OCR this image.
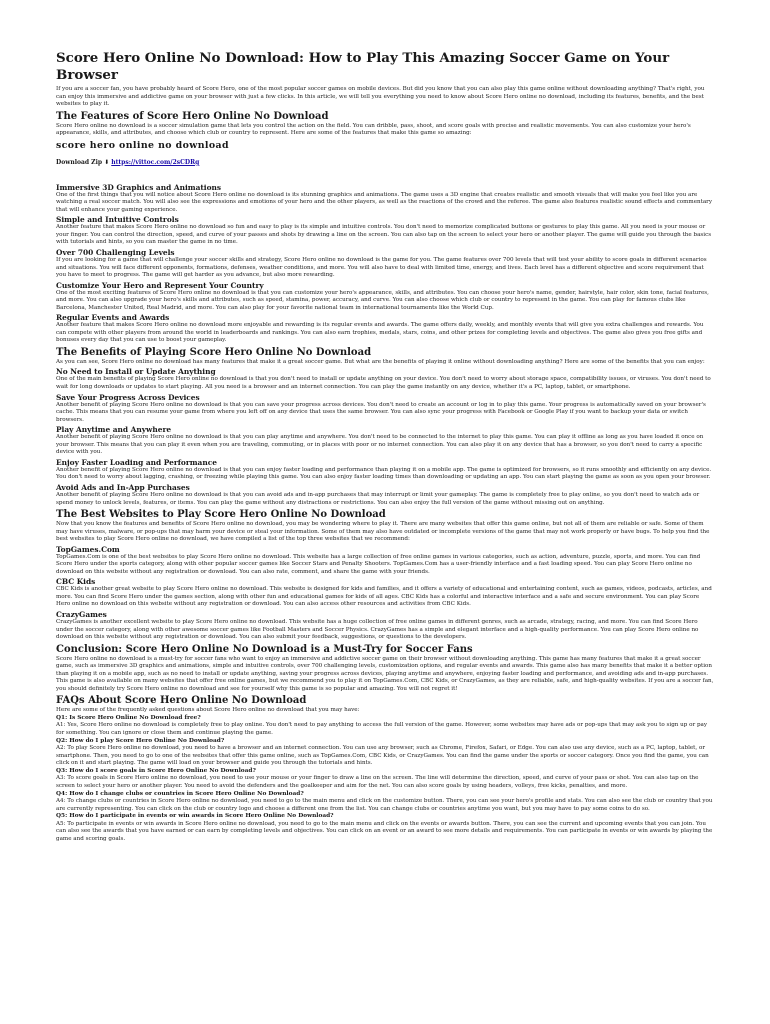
Score Hero Online No Download: How to Play This Amazing Soccer Game on Your Browser

If you are a soccer fan, you have probably heard of Score Hero, one of the most popular soccer games on mobile devices. But did you know that you can also play this game online without downloading anything? That's right, you can enjoy this immersive and addictive game on your browser with just a few clicks. In this article, we will tell you everything you need to know about Score Hero online no download, including its features, benefits, and the best websites to play it.

The Features of Score Hero Online No Download

Score Hero online no download is a soccer simulation game that lets you control the action on the field. You can dribble, pass, shoot, and score goals with precise and realistic movements. You can also customize your hero's appearance, skills, and attributes, and choose which club or country to represent. Here are some of the features that make this game so amazing:

score hero online no download
Download Zip ⬇ https://vittoc.com/2sCDRg
Immersive 3D Graphics and Animations

One of the first things that you will notice about Score Hero online no download is its stunning graphics and animations. The game uses a 3D engine that creates realistic and smooth visuals that will make you feel like you are watching a real soccer match. You will also see the expressions and emotions of your hero and the other players, as well as the reactions of the crowd and the referee. The game also features realistic sound effects and commentary that will enhance your gaming experience.

Simple and Intuitive Controls

Another feature that makes Score Hero online no download so fun and easy to play is its simple and intuitive controls. You don't need to memorize complicated buttons or gestures to play this game. All you need is your mouse or your finger. You can control the direction, speed, and curve of your passes and shots by drawing a line on the screen. You can also tap on the screen to select your hero or another player. The game will guide you through the basics with tutorials and hints, so you can master the game in no time.

Over 700 Challenging Levels

If you are looking for a game that will challenge your soccer skills and strategy, Score Hero online no download is the game for you. The game features over 700 levels that will test your ability to score goals in different scenarios and situations. You will face different opponents, formations, defenses, weather conditions, and more. You will also have to deal with limited time, energy, and lives. Each level has a different objective and score requirement that you have to meet to progress. The game will get harder as you advance, but also more rewarding.

Customize Your Hero and Represent Your Country

One of the most exciting features of Score Hero online no download is that you can customize your hero's appearance, skills, and attributes. You can choose your hero's name, gender, hairstyle, hair color, skin tone, facial features, and more. You can also upgrade your hero's skills and attributes, such as speed, stamina, power, accuracy, and curve. You can also choose which club or country to represent in the game. You can play for famous clubs like Barcelona, Manchester United, Real Madrid, and more. You can also play for your favorite national team in international tournaments like the World Cup.

Regular Events and Awards

Another feature that makes Score Hero online no download more enjoyable and rewarding is its regular events and awards. The game offers daily, weekly, and monthly events that will give you extra challenges and rewards. You can compete with other players from around the world in leaderboards and rankings. You can also earn trophies, medals, stars, coins, and other prizes for completing levels and objectives. The game also gives you free gifts and bonuses every day that you can use to boost your gameplay.

The Benefits of Playing Score Hero Online No Download

As you can see, Score Hero online no download has many features that make it a great soccer game. But what are the benefits of playing it online without downloading anything? Here are some of the benefits that you can enjoy:

No Need to Install or Update Anything

One of the main benefits of playing Score Hero online no download is that you don't need to install or update anything on your device. You don't need to worry about storage space, compatibility issues, or viruses. You don't need to wait for long downloads or updates to start playing. All you need is a browser and an internet connection. You can play the game instantly on any device, whether it's a PC, laptop, tablet, or smartphone.

Save Your Progress Across Devices

Another benefit of playing Score Hero online no download is that you can save your progress across devices. You don't need to create an account or log in to play this game. Your progress is automatically saved on your browser's cache. This means that you can resume your game from where you left off on any device that uses the same browser. You can also sync your progress with Facebook or Google Play if you want to backup your data or switch browsers.

Play Anytime and Anywhere

Another benefit of playing Score Hero online no download is that you can play anytime and anywhere. You don't need to be connected to the internet to play this game. You can play it offline as long as you have loaded it once on your browser. This means that you can play it even when you are traveling, commuting, or in places with poor or no internet connection. You can also play it on any device that has a browser, so you don't need to carry a specific device with you.

Enjoy Faster Loading and Performance

Another benefit of playing Score Hero online no download is that you can enjoy faster loading and performance than playing it on a mobile app. The game is optimized for browsers, so it runs smoothly and efficiently on any device. You don't need to worry about lagging, crashing, or freezing while playing this game. You can also enjoy faster loading times than downloading or updating an app. You can start playing the game as soon as you open your browser.

Avoid Ads and In-App Purchases

Another benefit of playing Score Hero online no download is that you can avoid ads and in-app purchases that may interrupt or limit your gameplay. The game is completely free to play online, so you don't need to watch ads or spend money to unlock levels, features, or items. You can play the game without any distractions or restrictions. You can also enjoy the full version of the game without missing out on anything.

The Best Websites to Play Score Hero Online No Download

Now that you know the features and benefits of Score Hero online no download, you may be wondering where to play it. There are many websites that offer this game online, but not all of them are reliable or safe. Some of them may have viruses, malware, or pop-ups that may harm your device or steal your information. Some of them may also have outdated or incomplete versions of the game that may not work properly or have bugs. To help you find the best websites to play Score Hero online no download, we have compiled a list of the top three websites that we recommend:

TopGames.Com

TopGames.Com is one of the best websites to play Score Hero online no download. This website has a large collection of free online games in various categories, such as action, adventure, puzzle, sports, and more. You can find Score Hero under the sports category, along with other popular soccer games like Soccer Stars and Penalty Shooters. TopGames.Com has a user-friendly interface and a fast loading speed. You can play Score Hero online no download on this website without any registration or download. You can also rate, comment, and share the game with your friends.

CBC Kids

CBC Kids is another great website to play Score Hero online no download. This website is designed for kids and families, and it offers a variety of educational and entertaining content, such as games, videos, podcasts, articles, and more. You can find Score Hero under the games section, along with other fun and educational games for kids of all ages. CBC Kids has a colorful and interactive interface and a safe and secure environment. You can play Score Hero online no download on this website without any registration or download. You can also access other resources and activities from CBC Kids.

CrazyGames

CrazyGames is another excellent website to play Score Hero online no download. This website has a huge collection of free online games in different genres, such as arcade, strategy, racing, and more. You can find Score Hero under the soccer category, along with other awesome soccer games like Football Masters and Soccer Physics. CrazyGames has a simple and elegant interface and a high-quality performance. You can play Score Hero online no download on this website without any registration or download. You can also submit your feedback, suggestions, or questions to the developers.

Conclusion: Score Hero Online No Download is a Must-Try for Soccer Fans

Score Hero online no download is a must-try for soccer fans who want to enjoy an immersive and addictive soccer game on their browser without downloading anything. This game has many features that make it a great soccer game, such as immersive 3D graphics and animations, simple and intuitive controls, over 700 challenging levels, customization options, and regular events and awards. This game also has many benefits that make it a better option than playing it on a mobile app, such as no need to install or update anything, saving your progress across devices, playing anytime and anywhere, enjoying faster loading and performance, and avoiding ads and in-app purchases. This game is also available on many websites that offer free online games, but we recommend you to play it on TopGames.Com, CBC Kids, or CrazyGames, as they are reliable, safe, and high-quality websites. If you are a soccer fan, you should definitely try Score Hero online no download and see for yourself why this game is so popular and amazing. You will not regret it!

FAQs About Score Hero Online No Download

Here are some of the frequently asked questions about Score Hero online no download that you may have:

Q1: Is Score Hero Online No Download free?

A1: Yes, Score Hero online no download is completely free to play online. You don't need to pay anything to access the full version of the game. However, some websites may have ads or pop-ups that may ask you to sign up or pay for something. You can ignore or close them and continue playing the game.

Q2: How do I play Score Hero Online No Download?

A2: To play Score Hero online no download, you need to have a browser and an internet connection. You can use any browser, such as Chrome, Firefox, Safari, or Edge. You can also use any device, such as a PC, laptop, tablet, or smartphone. Then, you need to go to one of the websites that offer this game online, such as TopGames.Com, CBC Kids, or CrazyGames. You can find the game under the sports or soccer category. Once you find the game, you can click on it and start playing. The game will load on your browser and guide you through the tutorials and hints.

Q3: How do I score goals in Score Hero Online No Download?

A3: To score goals in Score Hero online no download, you need to use your mouse or your finger to draw a line on the screen. The line will determine the direction, speed, and curve of your pass or shot. You can also tap on the screen to select your hero or another player. You need to avoid the defenders and the goalkeeper and aim for the net. You can also score goals by using headers, volleys, free kicks, penalties, and more.

Q4: How do I change clubs or countries in Score Hero Online No Download?

A4: To change clubs or countries in Score Hero online no download, you need to go to the main menu and click on the customize button. There, you can see your hero's profile and stats. You can also see the club or country that you are currently representing. You can click on the club or country logo and choose a different one from the list. You can change clubs or countries anytime you want, but you may have to pay some coins to do so.

Q5: How do I participate in events or win awards in Score Hero Online No Download?

A5: To participate in events or win awards in Score Hero online no download, you need to go to the main menu and click on the events or awards button. There, you can see the current and upcoming events that you can join. You can also see the awards that you have earned or can earn by completing levels and objectives. You can click on an event or an award to see more details and requirements. You can participate in events or win awards by playing the game and scoring goals.
